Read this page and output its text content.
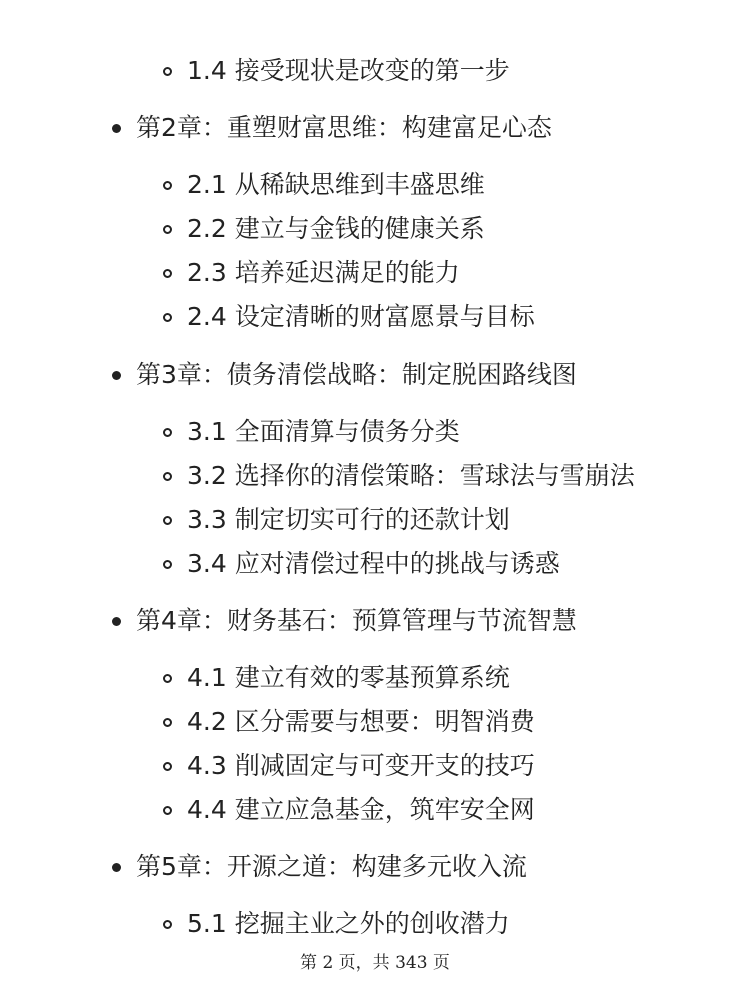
1.4 接受现状是改变的第一步
第2章：重塑财富思维：构建富足心态
2.1 从稀缺思维到丰盛思维
2.2 建立与金钱的健康关系
2.3 培养延迟满足的能力
2.4 设定清晰的财富愿景与目标
第3章：债务清偿战略：制定脱困路线图
3.1 全面清算与债务分类
3.2 选择你的清偿策略：雪球法与雪崩法
3.3 制定切实可行的还款计划
3.4 应对清偿过程中的挑战与诱惑
第4章：财务基石：预算管理与节流智慧
4.1 建立有效的零基预算系统
4.2 区分需要与想要：明智消费
4.3 削减固定与可变开支的技巧
4.4 建立应急基金，筑牢安全网
第5章：开源之道：构建多元收入流
5.1 挖掘主业之外的创收潜力
第 2 页，共 343 页
